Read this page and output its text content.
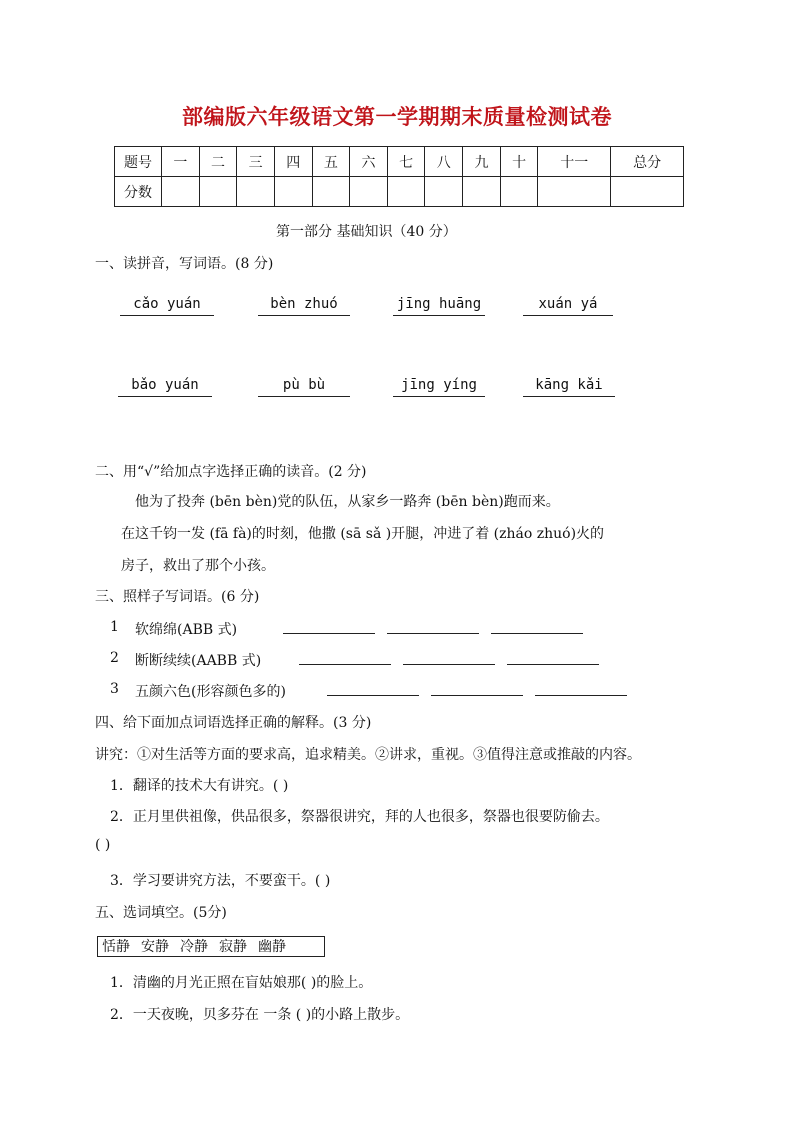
部编版六年级语文第一学期期末质量检测试卷
题号	一	二	三	四	五	六	七	八	九	十	十一	总分
分数												
第一部分 基础知识（40 分）
一、读拼音，写词语。(8 分)
cǎo yuán	bèn zhuó	jīng huāng	xuán yá
bǎo yuán	pù bù	jīng yíng	kāng kǎi
二、用“√”给加点字选择正确的读音。(2 分)
他为了投奔 (bēn bèn)党的队伍，从家乡一路奔 (bēn bèn)跑而来。
在这千钧一发 (fā fà)的时刻，他撒 (sā sǎ )开腿，冲进了着 (zháo zhuó)火的
房子，救出了那个小孩。
三、照样子写词语。(6 分)
1 软绵绵(ABB 式)
2 断断续续(AABB 式)
3 五颜六色(形容颜色多的)
四、给下面加点词语选择正确的解释。(3 分)
讲究：①对生活等方面的要求高，追求精美。②讲求，重视。③值得注意或推敲的内容。
1．翻译的技术大有讲究。( )
2．正月里供祖像，供品很多，祭器很讲究，拜的人也很多，祭器也很要防偷去。
( )
3．学习要讲究方法，不要蛮干。( )
五、选词填空。(5分)
恬静 安静 冷静 寂静 幽静
1．清幽的月光正照在盲姑娘那( )的脸上。
2．一天夜晚，贝多芬在 一条 ( )的小路上散步。
